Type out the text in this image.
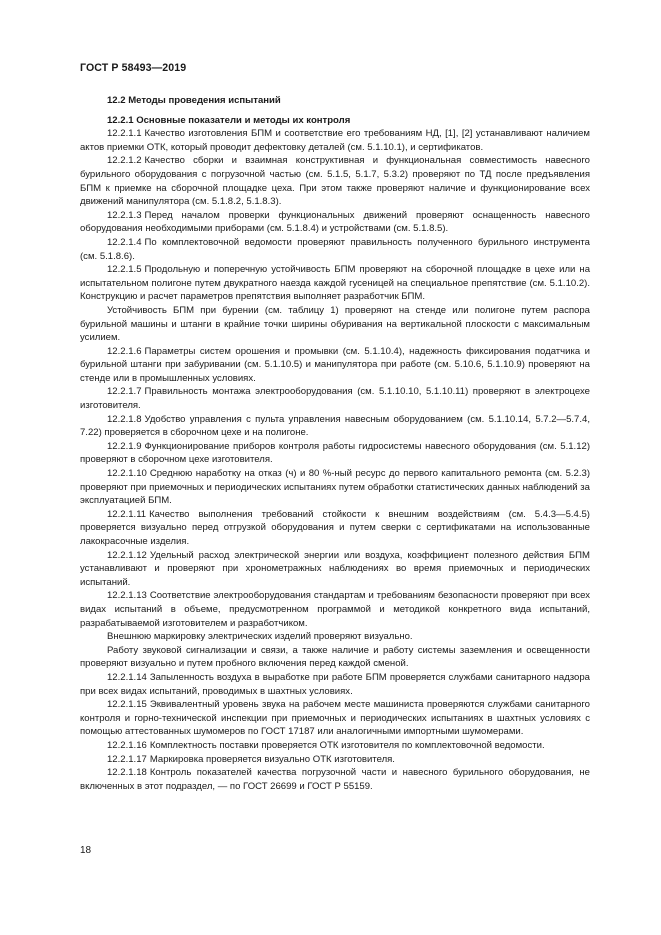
ГОСТ Р 58493—2019
12.2 Методы проведения испытаний
12.2.1 Основные показатели и методы их контроля

12.2.1.1 Качество изготовления БПМ и соответствие его требованиям НД, [1], [2] устанавливают наличием актов приемки ОТК, который проводит дефектовку деталей (см. 5.1.10.1), и сертификатов.

12.2.1.2 Качество сборки и взаимная конструктивная и функциональная совместимость навесного бурильного оборудования с погрузочной частью (см. 5.1.5, 5.1.7, 5.3.2) проверяют по ТД после предъявления БПМ к приемке на сборочной площадке цеха. При этом также проверяют наличие и функционирование всех движений манипулятора (см. 5.1.8.2, 5.1.8.3).

12.2.1.3 Перед началом проверки функциональных движений проверяют оснащенность навесного оборудования необходимыми приборами (см. 5.1.8.4) и устройствами (см. 5.1.8.5).

12.2.1.4 По комплектовочной ведомости проверяют правильность полученного бурильного инструмента (см. 5.1.8.6).

12.2.1.5 Продольную и поперечную устойчивость БПМ проверяют на сборочной площадке в цехе или на испытательном полигоне путем двукратного наезда каждой гусеницей на специальное препятствие (см. 5.1.10.2). Конструкцию и расчет параметров препятствия выполняет разработчик БПМ.

Устойчивость БПМ при бурении (см. таблицу 1) проверяют на стенде или полигоне путем распора бурильной машины и штанги в крайние точки ширины обуривания на вертикальной плоскости с максимальным усилием.

12.2.1.6 Параметры систем орошения и промывки (см. 5.1.10.4), надежность фиксирования податчика и бурильной штанги при забуривании (см. 5.1.10.5) и манипулятора при работе (см. 5.10.6, 5.1.10.9) проверяют на стенде или в промышленных условиях.

12.2.1.7 Правильность монтажа электрооборудования (см. 5.1.10.10, 5.1.10.11) проверяют в электроцехе изготовителя.

12.2.1.8 Удобство управления с пульта управления навесным оборудованием (см. 5.1.10.14, 5.7.2—5.7.4, 7.22) проверяется в сборочном цехе и на полигоне.

12.2.1.9 Функционирование приборов контроля работы гидросистемы навесного оборудования (см. 5.1.12) проверяют в сборочном цехе изготовителя.

12.2.1.10 Среднюю наработку на отказ (ч) и 80 %-ный ресурс до первого капитального ремонта (см. 5.2.3) проверяют при приемочных и периодических испытаниях путем обработки статистических данных наблюдений за эксплуатацией БПМ.

12.2.1.11 Качество выполнения требований стойкости к внешним воздействиям (см. 5.4.3—5.4.5) проверяется визуально перед отгрузкой оборудования и путем сверки с сертификатами на использованные лакокрасочные изделия.

12.2.1.12 Удельный расход электрической энергии или воздуха, коэффициент полезного действия БПМ устанавливают и проверяют при хронометражных наблюдениях во время приемочных и периодических испытаний.

12.2.1.13 Соответствие электрооборудования стандартам и требованиям безопасности проверяют при всех видах испытаний в объеме, предусмотренном программой и методикой конкретного вида испытаний, разрабатываемой изготовителем и разработчиком.

Внешнюю маркировку электрических изделий проверяют визуально.

Работу звуковой сигнализации и связи, а также наличие и работу системы заземления и освещенности проверяют визуально и путем пробного включения перед каждой сменой.

12.2.1.14 Запыленность воздуха в выработке при работе БПМ проверяется службами санитарного надзора при всех видах испытаний, проводимых в шахтных условиях.

12.2.1.15 Эквивалентный уровень звука на рабочем месте машиниста проверяются службами санитарного контроля и горно-технической инспекции при приемочных и периодических испытаниях в шахтных условиях с помощью аттестованных шумомеров по ГОСТ 17187 или аналогичными импортными шумомерами.

12.2.1.16 Комплектность поставки проверяется ОТК изготовителя по комплектовочной ведомости.

12.2.1.17 Маркировка проверяется визуально ОТК изготовителя.

12.2.1.18 Контроль показателей качества погрузочной части и навесного бурильного оборудования, не включенных в этот подраздел, — по ГОСТ 26699 и ГОСТ Р 55159.

18
